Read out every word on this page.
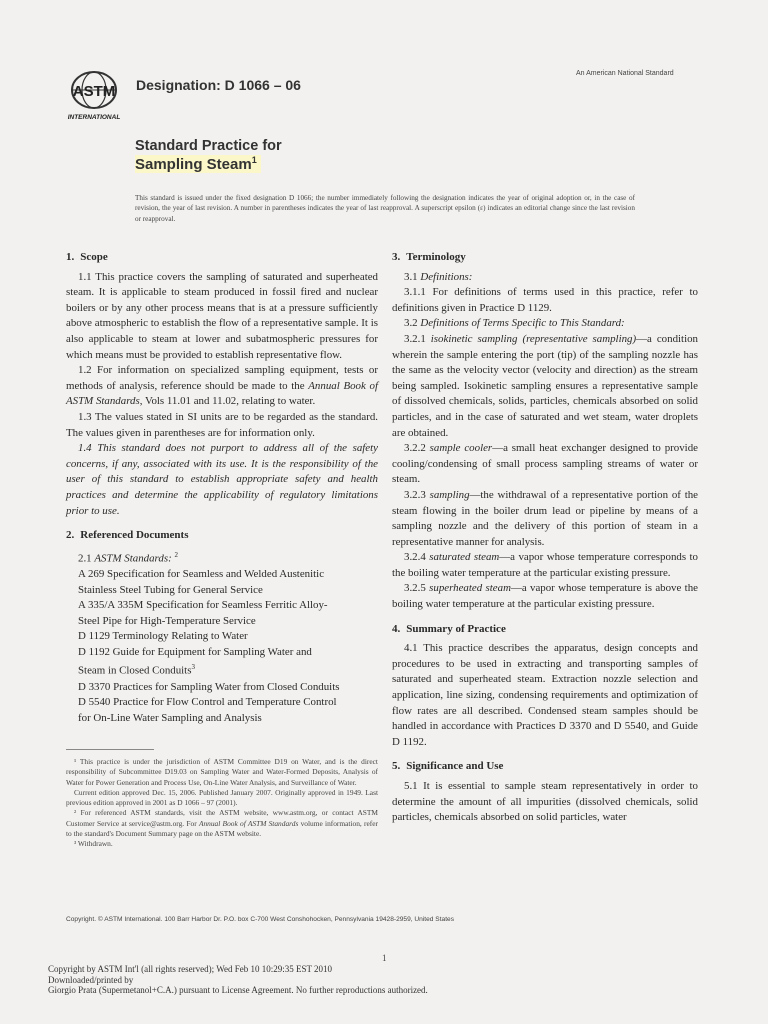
ASTM
INTERNATIONAL
Designation: D 1066 – 06
An American National Standard
Standard Practice for
Sampling Steam$^1$
This standard is issued under the fixed designation D 1066; the number immediately following the designation indicates the year of original adoption or, in the case of revision, the year of last revision. A number in parentheses indicates the year of last reapproval. A superscript epsilon (ε) indicates an editorial change since the last revision or reapproval.
1. Scope

1.1 This practice covers the sampling of saturated and superheated steam. It is applicable to steam produced in fossil fired and nuclear boilers or by any other process means that is at a pressure sufficiently above atmospheric to establish the flow of a representative sample. It is also applicable to steam at lower and subatmospheric pressures for which means must be provided to establish representative flow.

1.2 For information on specialized sampling equipment, tests or methods of analysis, reference should be made to the Annual Book of ASTM Standards, Vols 11.01 and 11.02, relating to water.

1.3 The values stated in SI units are to be regarded as the standard. The values given in parentheses are for information only.

1.4 This standard does not purport to address all of the safety concerns, if any, associated with its use. It is the responsibility of the user of this standard to establish appropriate safety and health practices and determine the applicability of regulatory limitations prior to use.

2. Referenced Documents

2.1 ASTM Standards: $^2$

A 269 Specification for Seamless and Welded Austenitic
Stainless Steel Tubing for General Service
A 335/A 335M Specification for Seamless Ferritic Alloy-
Steel Pipe for High-Temperature Service
D 1129 Terminology Relating to Water
D 1192 Guide for Equipment for Sampling Water and
Steam in Closed Conduits$^3$
D 3370 Practices for Sampling Water from Closed Conduits
D 5540 Practice for Flow Control and Temperature Control
for On-Line Water Sampling and Analysis
3. Terminology

3.1 Definitions:

3.1.1 For definitions of terms used in this practice, refer to definitions given in Practice D 1129.

3.2 Definitions of Terms Specific to This Standard:

3.2.1 isokinetic sampling (representative sampling)—a condition wherein the sample entering the port (tip) of the sampling nozzle has the same as the velocity vector (velocity and direction) as the stream being sampled. Isokinetic sampling ensures a representative sample of dissolved chemicals, solids, particles, chemicals absorbed on solid particles, and in the case of saturated and wet steam, water droplets are obtained.

3.2.2 sample cooler—a small heat exchanger designed to provide cooling/condensing of small process sampling streams of water or steam.

3.2.3 sampling—the withdrawal of a representative portion of the steam flowing in the boiler drum lead or pipeline by means of a sampling nozzle and the delivery of this portion of steam in a representative manner for analysis.

3.2.4 saturated steam—a vapor whose temperature corresponds to the boiling water temperature at the particular existing pressure.

3.2.5 superheated steam—a vapor whose temperature is above the boiling water temperature at the particular existing pressure.

4. Summary of Practice

4.1 This practice describes the apparatus, design concepts and procedures to be used in extracting and transporting samples of saturated and superheated steam. Extraction nozzle selection and application, line sizing, condensing requirements and optimization of flow rates are all described. Condensed steam samples should be handled in accordance with Practices D 3370 and D 5540, and Guide D 1192.

5. Significance and Use

5.1 It is essential to sample steam representatively in order to determine the amount of all impurities (dissolved chemicals, solid particles, chemicals absorbed on solid particles, water

¹ This practice is under the jurisdiction of ASTM Committee D19 on Water, and is the direct responsibility of Subcommittee D19.03 on Sampling Water and Water-Formed Deposits, Analysis of Water for Power Generation and Process Use, On-Line Water Analysis, and Surveillance of Water.

Current edition approved Dec. 15, 2006. Published January 2007. Originally approved in 1949. Last previous edition approved in 2001 as D 1066 – 97 (2001).

² For referenced ASTM standards, visit the ASTM website, www.astm.org, or contact ASTM Customer Service at service@astm.org. For Annual Book of ASTM Standards volume information, refer to the standard's Document Summary page on the ASTM website.

³ Withdrawn.

Copyright. © ASTM International. 100 Barr Harbor Dr. P.O. box C-700 West Conshohocken, Pennsylvania 19428-2959, United States
1
Copyright by ASTM Int'l (all rights reserved); Wed Feb 10 10:29:35 EST 2010
Downloaded/printed by
Giorgio Prata (Supermetanol+C.A.) pursuant to License Agreement. No further reproductions authorized.
